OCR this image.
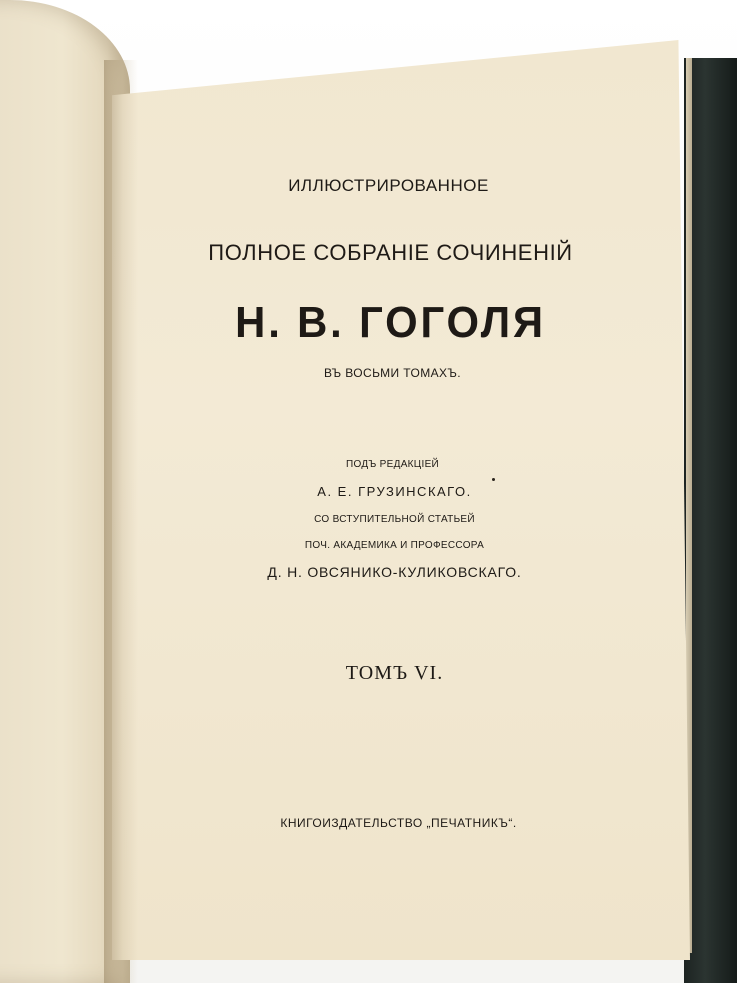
ИЛЛЮСТРИРОВАННОЕ
ПОЛНОЕ СОБРАНІЕ СОЧИНЕНІЙ
Н. В. ГОГОЛЯ
ВЪ ВОСЬМИ ТОМАХЪ.
ПОДЪ РЕДАКЦІЕЙ
А. Е. ГРУЗИНСКАГО.
СО ВСТУПИТЕЛЬНОЙ СТАТЬЕЙ
ПОЧ. АКАДЕМИКА И ПРОФЕССОРА
Д. Н. ОВСЯНИКО-КУЛИКОВСКАГО.
ТОМЪ VI.
КНИГОИЗДАТЕЛЬСТВО „ПЕЧАТНИКЪ“.
